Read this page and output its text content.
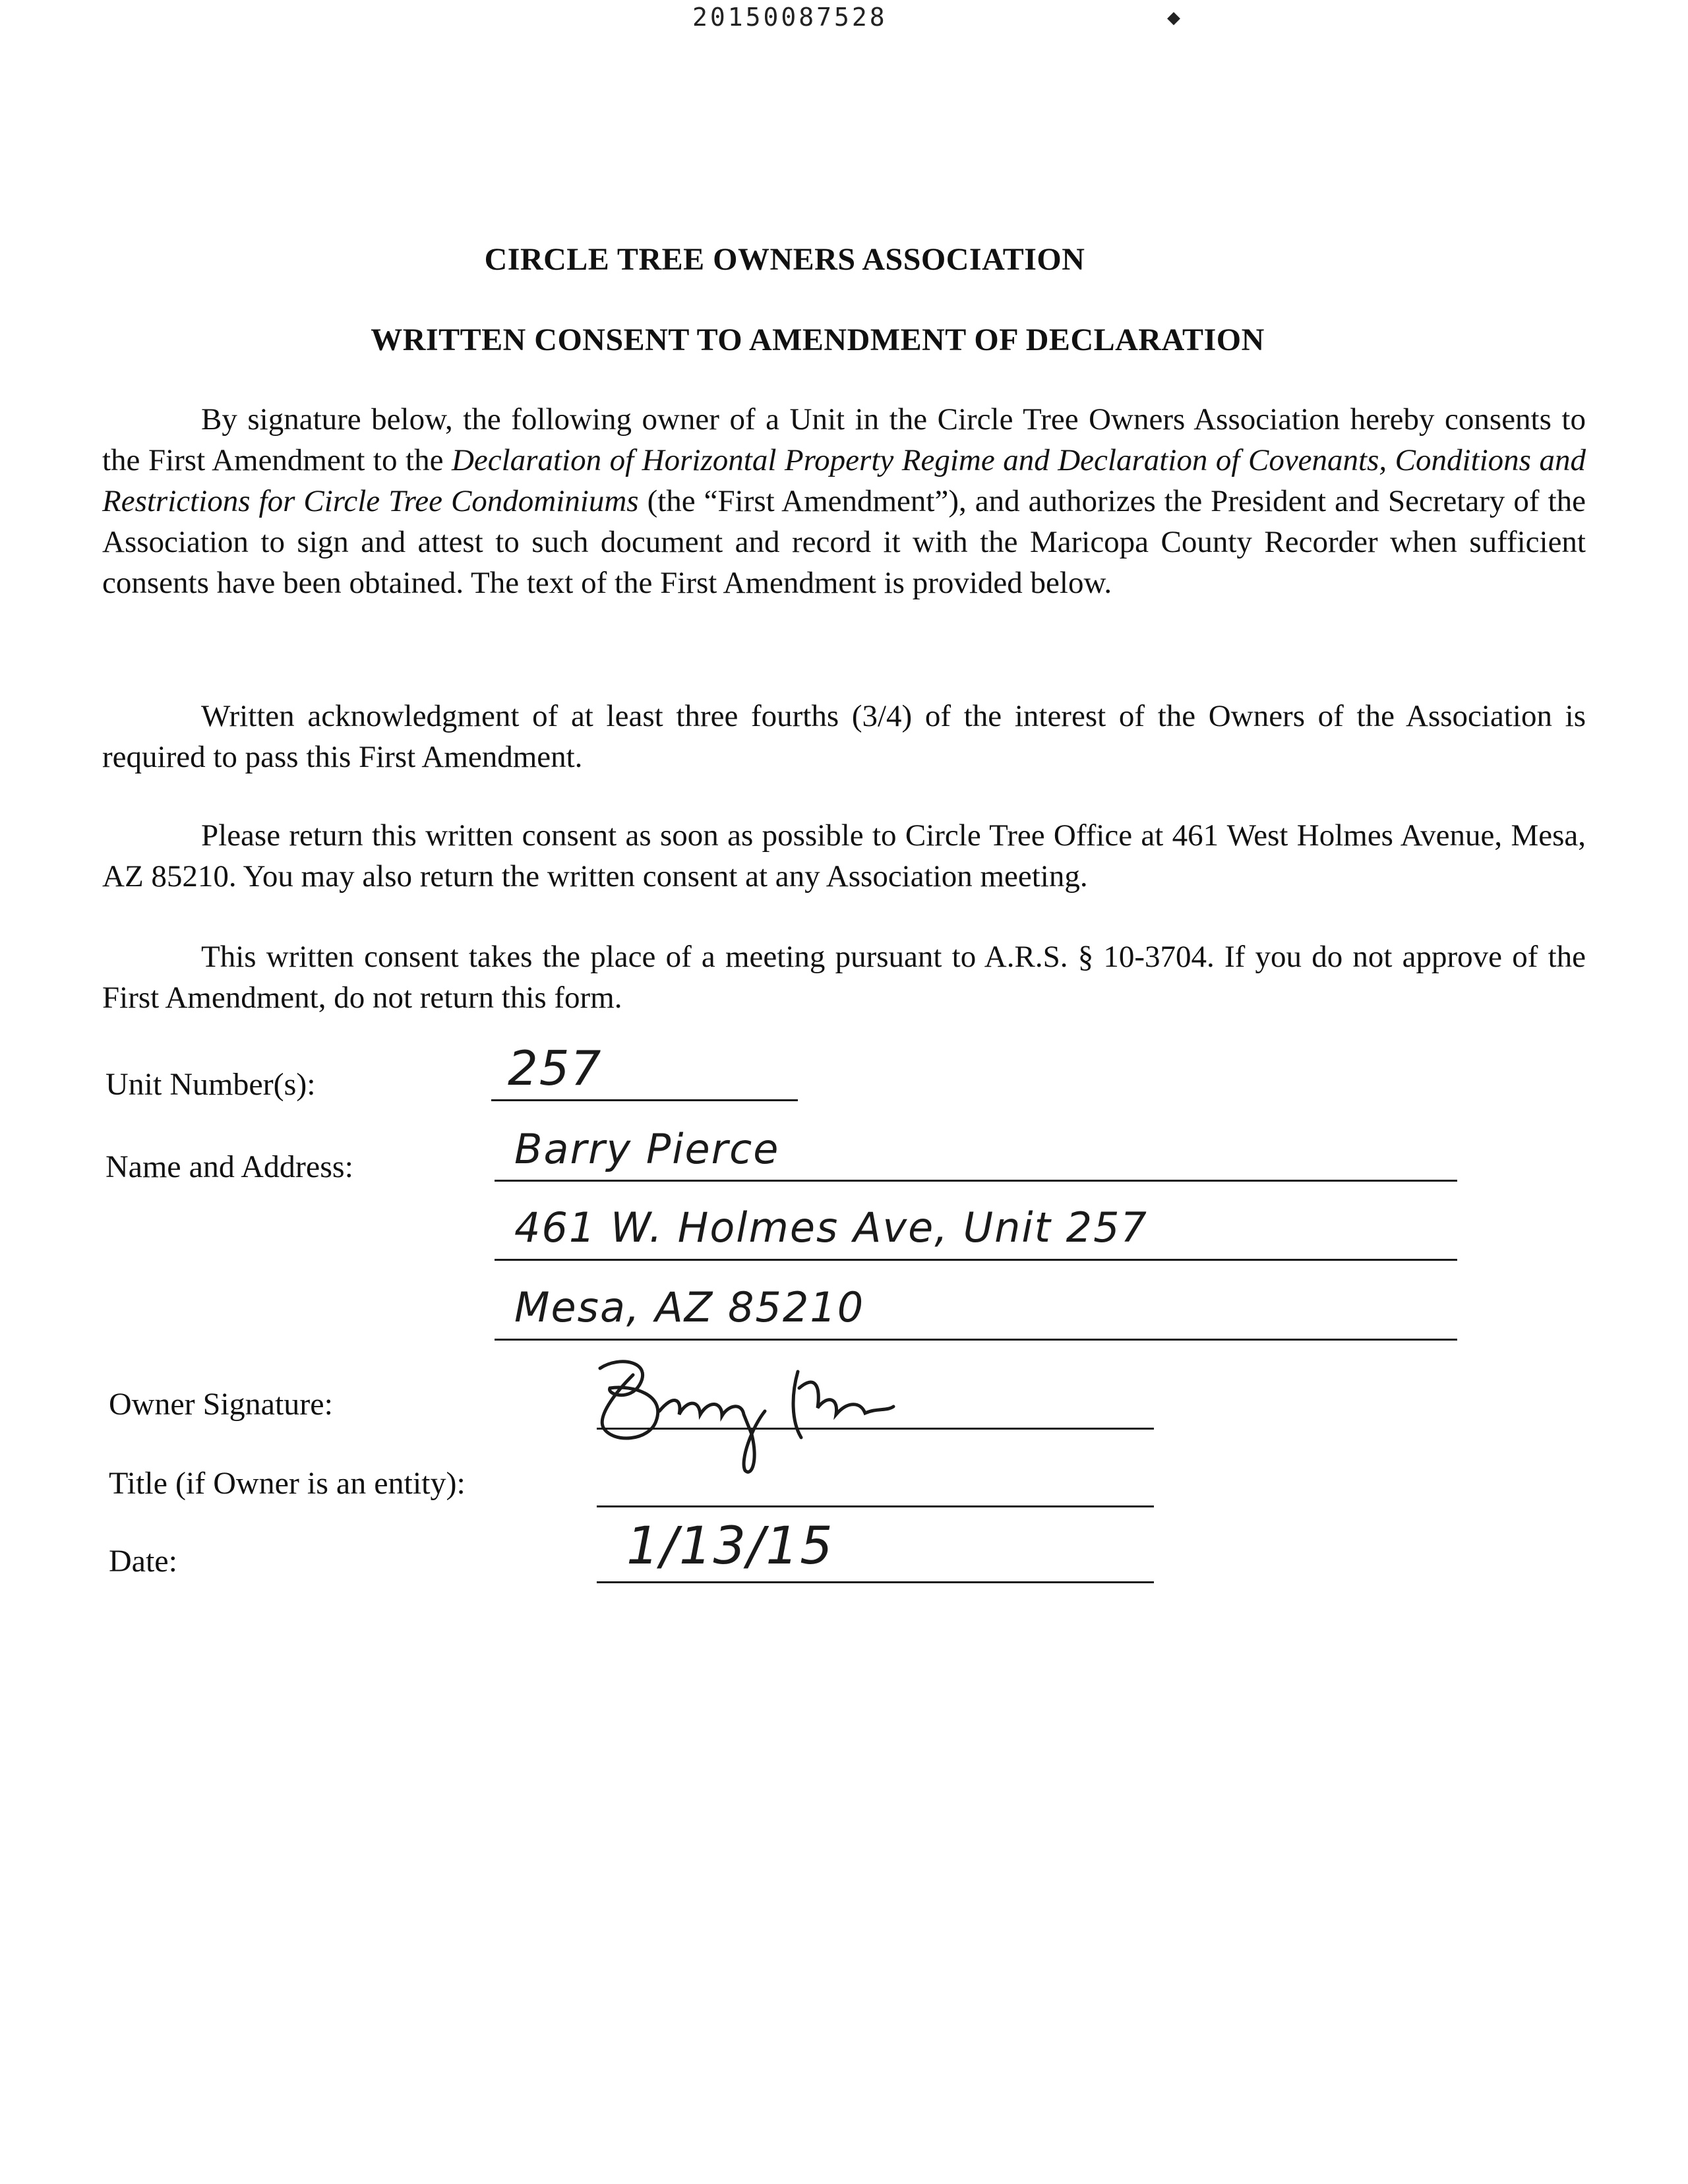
20150087528	◆
CIRCLE TREE OWNERS ASSOCIATION
WRITTEN CONSENT TO AMENDMENT OF DECLARATION
By signature below, the following owner of a Unit in the Circle Tree Owners Association hereby consents to the First Amendment to the Declaration of Horizontal Property Regime and Declaration of Covenants, Conditions and Restrictions for Circle Tree Condominiums (the “First Amendment”), and authorizes the President and Secretary of the Association to sign and attest to such document and record it with the Maricopa County Recorder when sufficient consents have been obtained. The text of the First Amendment is provided below.
Written acknowledgment of at least three fourths (3/4) of the interest of the Owners of the Association is required to pass this First Amendment.
Please return this written consent as soon as possible to Circle Tree Office at 461 West Holmes Avenue, Mesa, AZ 85210. You may also return the written consent at any Association meeting.
This written consent takes the place of a meeting pursuant to A.R.S. § 10-3704. If you do not approve of the First Amendment, do not return this form.
Unit Number(s):	257
Name and Address:	Barry Pierce
461 W. Holmes Ave, Unit 257
Mesa, AZ 85210
Owner Signature:
Title (if Owner is an entity):
Date:	1/13/15
